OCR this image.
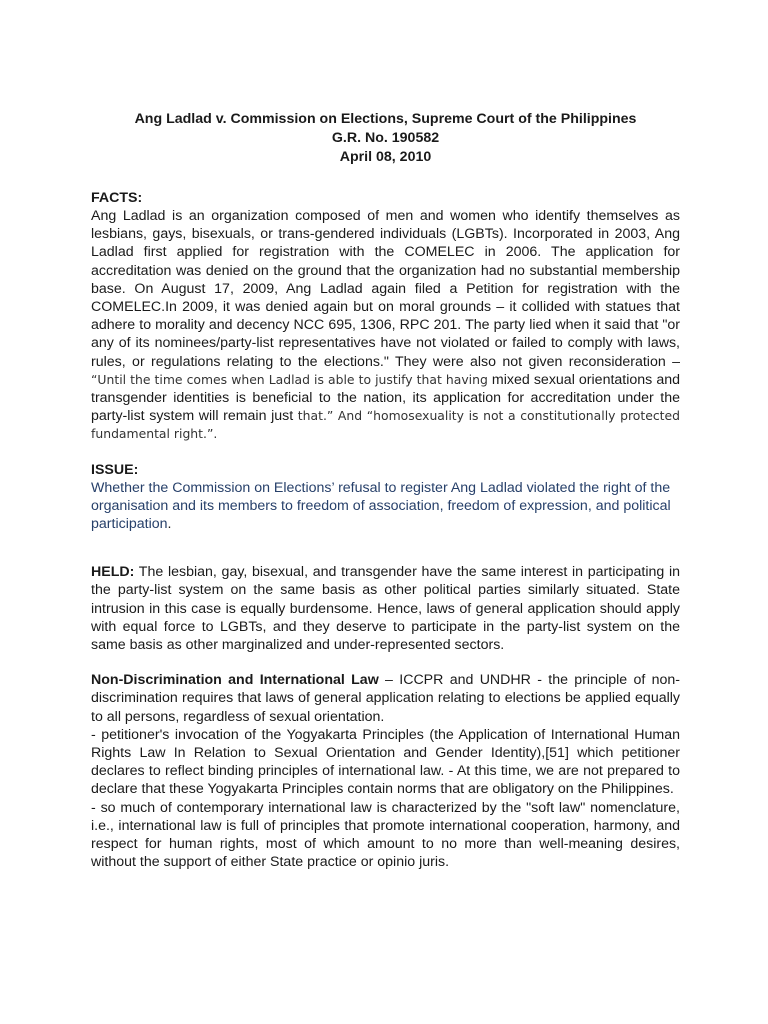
Ang Ladlad v. Commission on Elections, Supreme Court of the Philippines
G.R. No. 190582
April 08, 2010
FACTS:
Ang Ladlad is an organization composed of men and women who identify themselves as lesbians, gays, bisexuals, or trans-gendered individuals (LGBTs). Incorporated in 2003, Ang Ladlad first applied for registration with the COMELEC in 2006. The application for accreditation was denied on the ground that the organization had no substantial membership base. On August 17, 2009, Ang Ladlad again filed a Petition for registration with the COMELEC.In 2009, it was denied again but on moral grounds – it collided with statues that adhere to morality and decency NCC 695, 1306, RPC 201. The party lied when it said that "or any of its nominees/party-list representatives have not violated or failed to comply with laws, rules, or regulations relating to the elections." They were also not given reconsideration – “Until the time comes when Ladlad is able to justify that having mixed sexual orientations and transgender identities is beneficial to the nation, its application for accreditation under the party-list system will remain just that.” And “homosexuality is not a constitutionally protected fundamental right.”.
ISSUE:
Whether the Commission on Elections’ refusal to register Ang Ladlad violated the right of the organisation and its members to freedom of association, freedom of expression, and political participation.
HELD: The lesbian, gay, bisexual, and transgender have the same interest in participating in the party-list system on the same basis as other political parties similarly situated. State intrusion in this case is equally burdensome. Hence, laws of general application should apply with equal force to LGBTs, and they deserve to participate in the party-list system on the same basis as other marginalized and under-represented sectors.
Non-Discrimination and International Law – ICCPR and UNDHR - the principle of non-discrimination requires that laws of general application relating to elections be applied equally to all persons, regardless of sexual orientation.
- petitioner's invocation of the Yogyakarta Principles (the Application of International Human Rights Law In Relation to Sexual Orientation and Gender Identity),[51] which petitioner declares to reflect binding principles of international law. - At this time, we are not prepared to declare that these Yogyakarta Principles contain norms that are obligatory on the Philippines.
- so much of contemporary international law is characterized by the "soft law" nomenclature, i.e., international law is full of principles that promote international cooperation, harmony, and respect for human rights, most of which amount to no more than well-meaning desires, without the support of either State practice or opinio juris.
